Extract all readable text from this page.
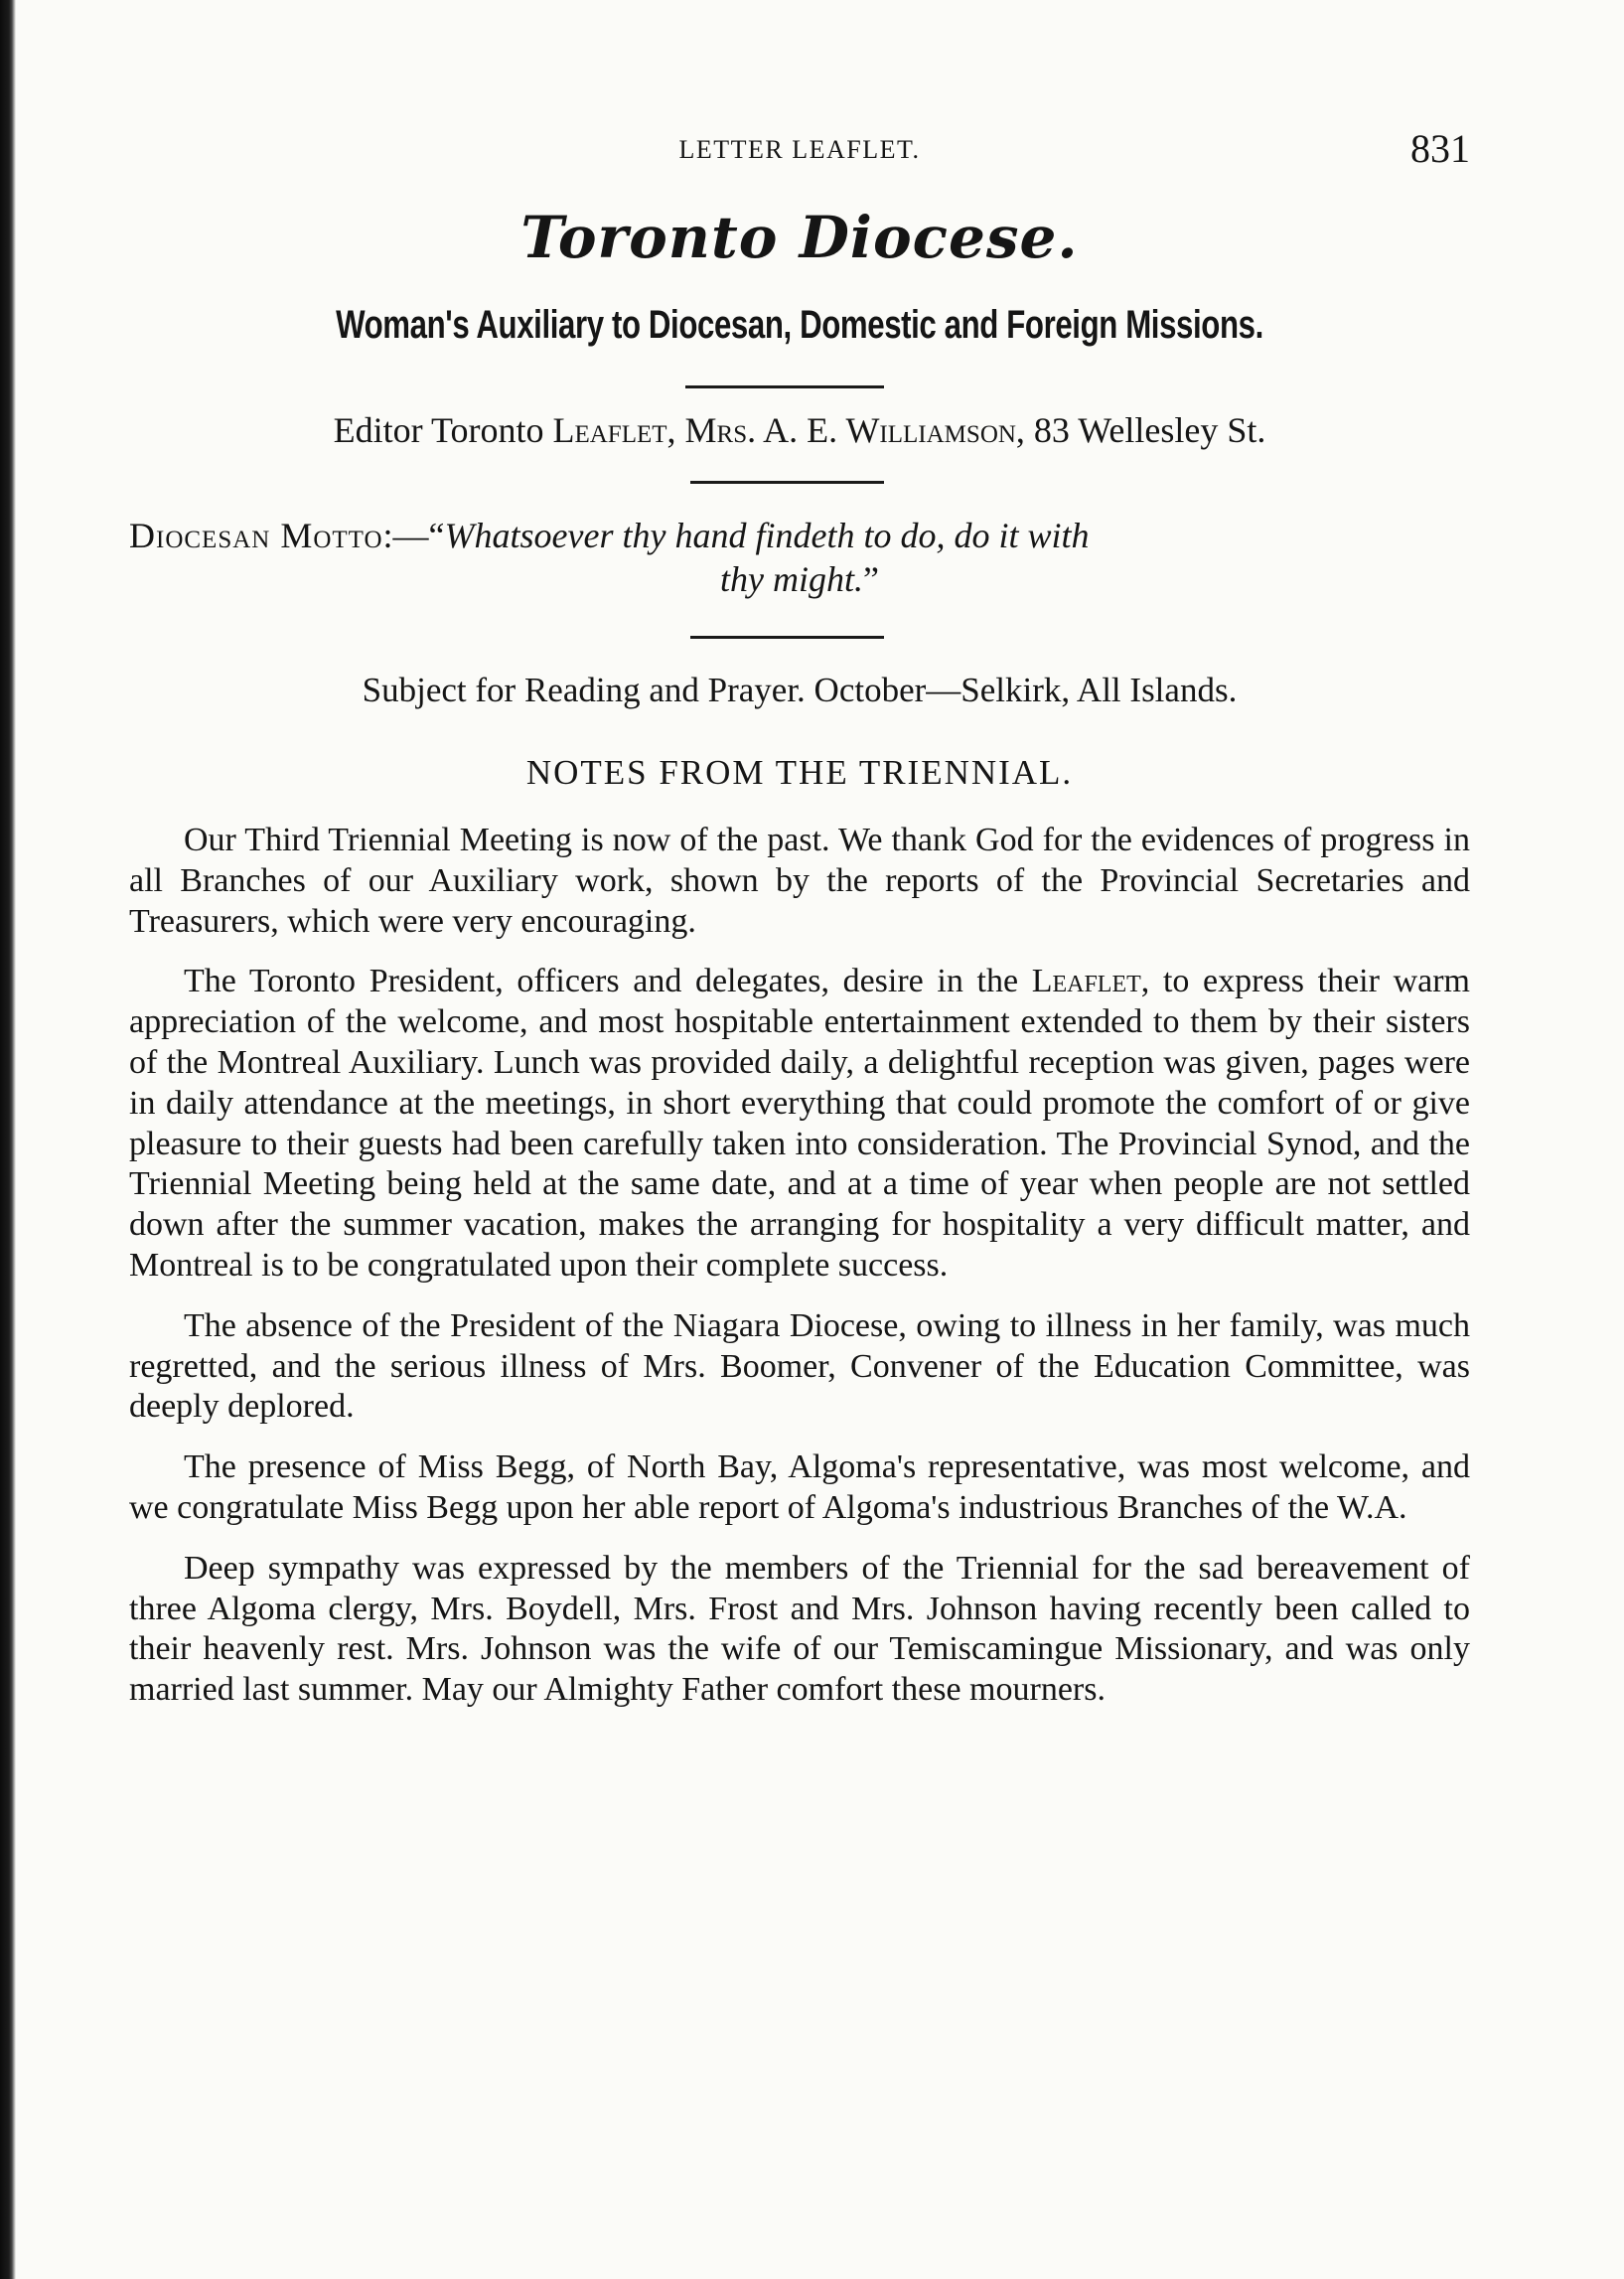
LETTER LEAFLET.	831
Toronto Diocese.
Woman's Auxiliary to Diocesan, Domestic and Foreign Missions.
Editor Toronto Leaflet, Mrs. A. E. Williamson, 83 Wellesley St.
Diocesan Motto:—“Whatsoever thy hand findeth to do, do it with
thy might.”
Subject for Reading and Prayer. October—Selkirk, All Islands.
NOTES FROM THE TRIENNIAL.

Our Third Triennial Meeting is now of the past. We thank God for the evidences of progress in all Branches of our Auxiliary work, shown by the reports of the Provincial Secretaries and Treasurers, which were very encouraging.

The Toronto President, officers and delegates, desire in the Leaflet, to express their warm appreciation of the welcome, and most hospitable entertainment extended to them by their sisters of the Montreal Auxiliary. Lunch was provided daily, a delightful reception was given, pages were in daily attendance at the meetings, in short everything that could promote the comfort of or give pleasure to their guests had been carefully taken into consideration. The Provincial Synod, and the Triennial Meeting being held at the same date, and at a time of year when people are not settled down after the summer vacation, makes the arranging for hospitality a very difficult matter, and Montreal is to be congratulated upon their complete success.

The absence of the President of the Niagara Diocese, owing to illness in her family, was much regretted, and the serious illness of Mrs. Boomer, Convener of the Education Committee, was deeply deplored.

The presence of Miss Begg, of North Bay, Algoma's representative, was most welcome, and we congratulate Miss Begg upon her able report of Algoma's industrious Branches of the W.A.

Deep sympathy was expressed by the members of the Triennial for the sad bereavement of three Algoma clergy, Mrs. Boydell, Mrs. Frost and Mrs. Johnson having recently been called to their heavenly rest. Mrs. Johnson was the wife of our Temiscamingue Missionary, and was only married last summer. May our Almighty Father comfort these mourners.
